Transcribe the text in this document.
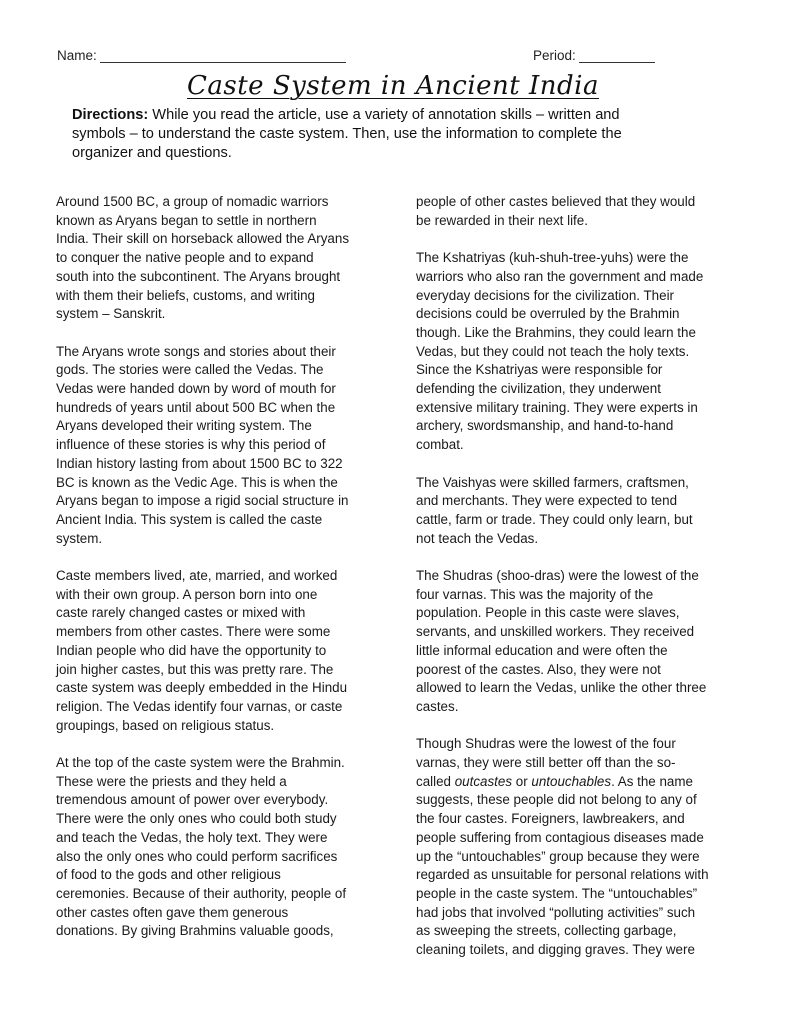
Name:	Period:
Caste System in Ancient India
Directions: While you read the article, use a variety of annotation skills – written and
symbols – to understand the caste system. Then, use the information to complete the
organizer and questions.

Around 1500 BC, a group of nomadic warriors
known as Aryans began to settle in northern
India. Their skill on horseback allowed the Aryans
to conquer the native people and to expand
south into the subcontinent. The Aryans brought
with them their beliefs, customs, and writing
system – Sanskrit.

The Aryans wrote songs and stories about their
gods. The stories were called the Vedas. The
Vedas were handed down by word of mouth for
hundreds of years until about 500 BC when the
Aryans developed their writing system. The
influence of these stories is why this period of
Indian history lasting from about 1500 BC to 322
BC is known as the Vedic Age. This is when the
Aryans began to impose a rigid social structure in
Ancient India. This system is called the caste
system.

Caste members lived, ate, married, and worked
with their own group. A person born into one
caste rarely changed castes or mixed with
members from other castes. There were some
Indian people who did have the opportunity to
join higher castes, but this was pretty rare. The
caste system was deeply embedded in the Hindu
religion. The Vedas identify four varnas, or caste
groupings, based on religious status.

At the top of the caste system were the Brahmin.
These were the priests and they held a
tremendous amount of power over everybody.
There were the only ones who could both study
and teach the Vedas, the holy text. They were
also the only ones who could perform sacrifices
of food to the gods and other religious
ceremonies. Because of their authority, people of
other castes often gave them generous
donations. By giving Brahmins valuable goods,

people of other castes believed that they would
be rewarded in their next life.

The Kshatriyas (kuh-shuh-tree-yuhs) were the
warriors who also ran the government and made
everyday decisions for the civilization. Their
decisions could be overruled by the Brahmin
though. Like the Brahmins, they could learn the
Vedas, but they could not teach the holy texts.
Since the Kshatriyas were responsible for
defending the civilization, they underwent
extensive military training. They were experts in
archery, swordsmanship, and hand-to-hand
combat.

The Vaishyas were skilled farmers, craftsmen,
and merchants. They were expected to tend
cattle, farm or trade. They could only learn, but
not teach the Vedas.

The Shudras (shoo-dras) were the lowest of the
four varnas. This was the majority of the
population. People in this caste were slaves,
servants, and unskilled workers. They received
little informal education and were often the
poorest of the castes. Also, they were not
allowed to learn the Vedas, unlike the other three
castes.

Though Shudras were the lowest of the four
varnas, they were still better off than the so-
called outcastes or untouchables. As the name
suggests, these people did not belong to any of
the four castes. Foreigners, lawbreakers, and
people suffering from contagious diseases made
up the “untouchables” group because they were
regarded as unsuitable for personal relations with
people in the caste system. The “untouchables”
had jobs that involved “polluting activities” such
as sweeping the streets, collecting garbage,
cleaning toilets, and digging graves. They were
